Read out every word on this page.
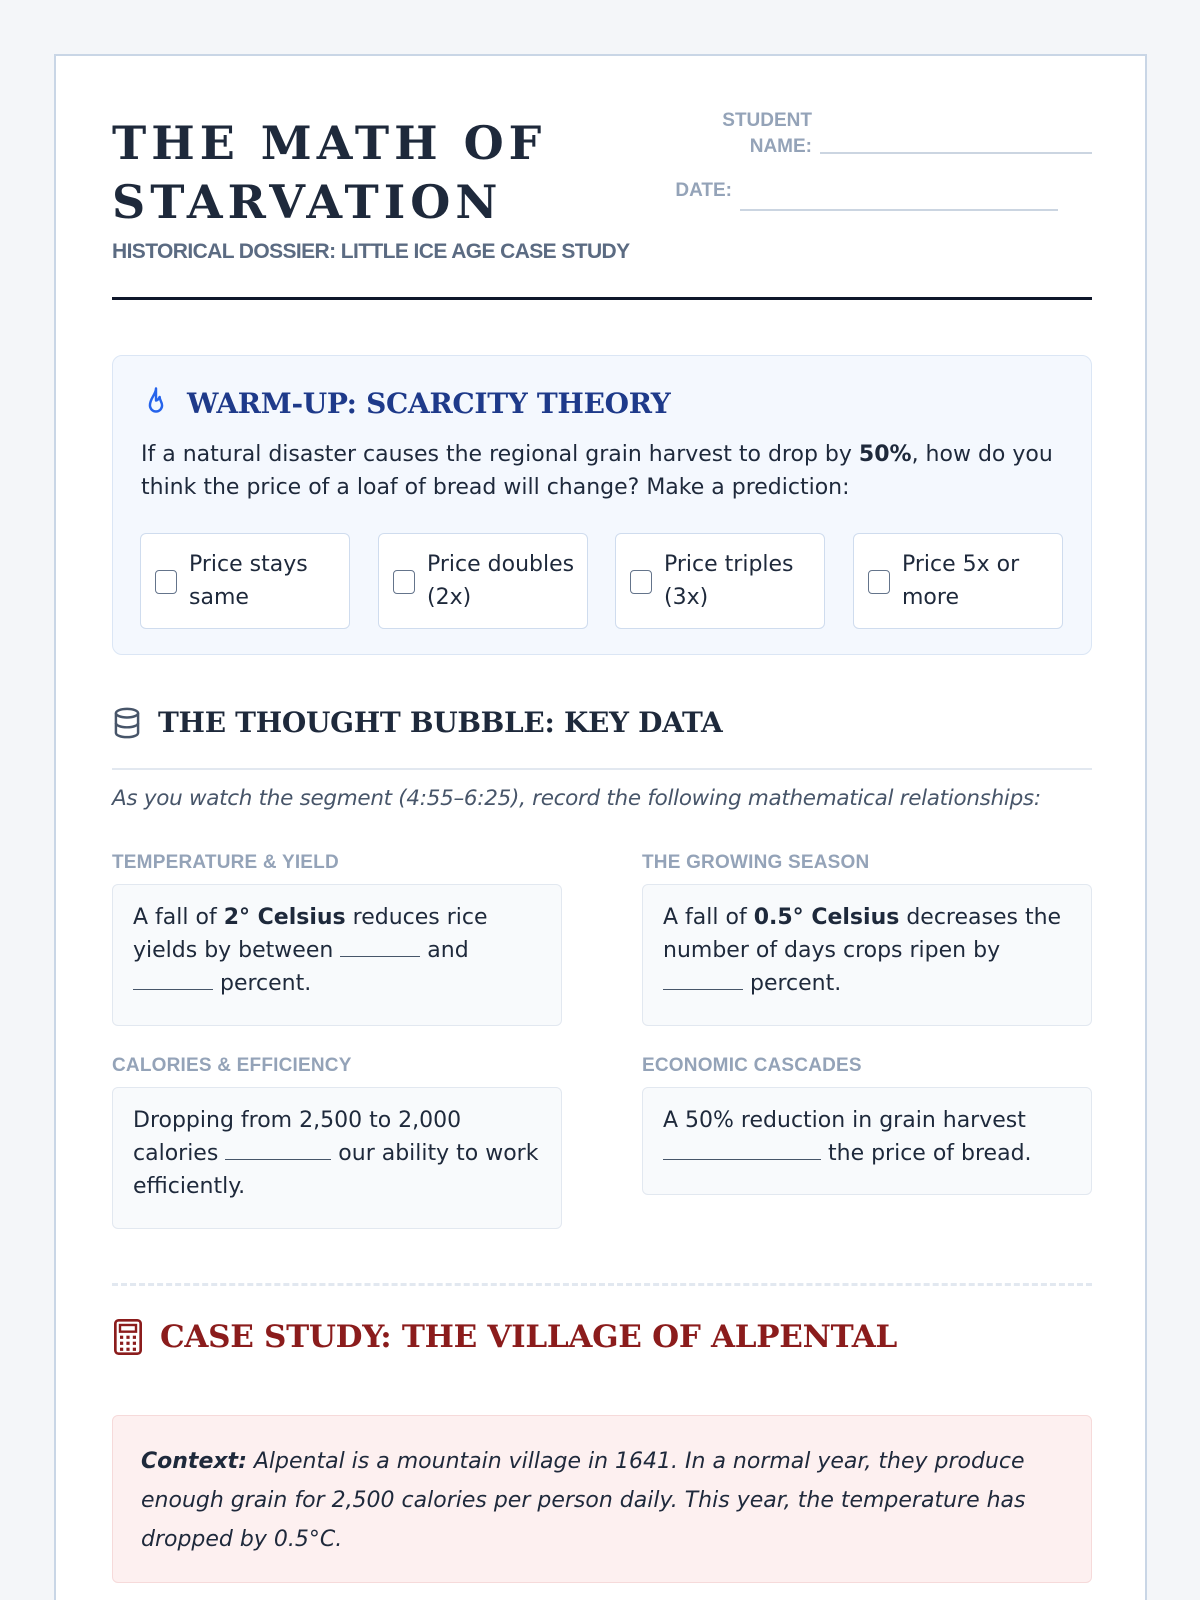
THE MATH OF
STARVATION
HISTORICAL DOSSIER: LITTLE ICE AGE CASE STUDY
STUDENT
NAME:
DATE:
WARM-UP: SCARCITY THEORY
If a natural disaster causes the regional grain harvest to drop by 50%, how do you think the price of a loaf of bread will change? Make a prediction:
Price stays same
Price doubles (2x)
Price triples (3x)
Price 5x or more
THE THOUGHT BUBBLE: KEY DATA
As you watch the segment (4:55–6:25), record the following mathematical relationships:
TEMPERATURE & YIELD
A fall of 2° Celsius reduces rice yields by between	and  percent.
THE GROWING SEASON
A fall of 0.5° Celsius decreases the number of days crops ripen by  percent.
CALORIES & EFFICIENCY
Dropping from 2,500 to 2,000 calories	our ability to work efficiently.
ECONOMIC CASCADES
A 50% reduction in grain harvest  the price of bread.
CASE STUDY: THE VILLAGE OF ALPENTAL
Context: Alpental is a mountain village in 1641. In a normal year, they produce enough grain for 2,500 calories per person daily. This year, the temperature has dropped by 0.5°C.
